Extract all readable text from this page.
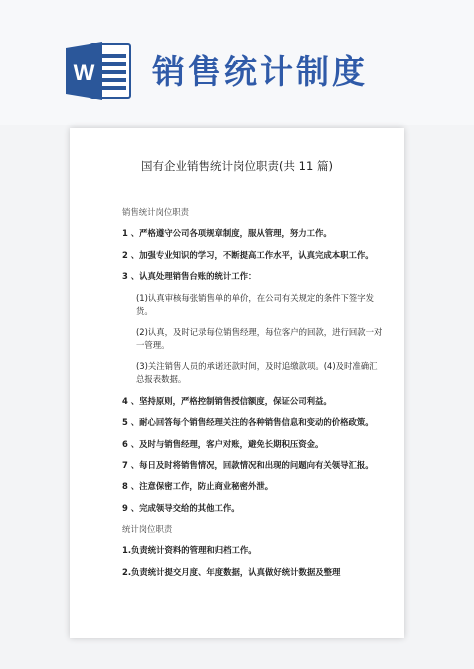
W 销售统计制度
国有企业销售统计岗位职责(共 11 篇)

销售统计岗位职责

1 、严格遵守公司各项规章制度，服从管理，努力工作。

2 、加强专业知识的学习，不断提高工作水平，认真完成本职工作。

3 、认真处理销售台账的统计工作：

(1)认真审核每张销售单的单价，在公司有关规定的条件下签字发货。

(2)认真，及时记录每位销售经理，每位客户的回款，进行回款一对一管理。

(3)关注销售人员的承诺还款时间，及时追缴款项。(4)及时准确汇总报表数据。

4 、坚持原则，严格控制销售授信额度，保证公司利益。

5 、耐心回答每个销售经理关注的各种销售信息和变动的价格政策。

6 、及时与销售经理，客户对账，避免长期积压资金。

7 、每日及时将销售情况，回款情况和出现的问题向有关领导汇报。

8 、注意保密工作，防止商业秘密外泄。

9 、完成领导交给的其他工作。

统计岗位职责

1.负责统计资料的管理和归档工作。

2.负责统计提交月度、年度数据，认真做好统计数据及整理
